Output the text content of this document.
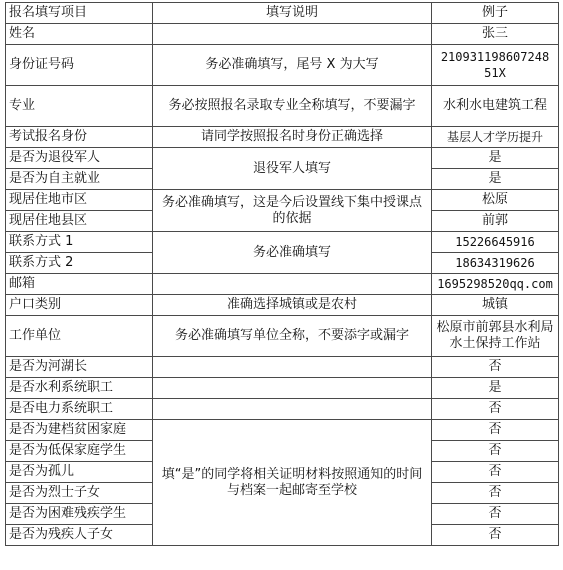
报名填写项目	填写说明	例子
姓名		张三
身份证号码	务必准确填写，尾号 X 为大写	210931198607248 51X
专业	务必按照报名录取专业全称填写，不要漏字	水利水电建筑工程
考试报名身份	请同学按照报名时身份正确选择	基层人才学历提升
是否为退役军人	退役军人填写	是
是否为自主就业		是
现居住地市区	务必准确填写，这是今后设置线下集中授课点的依据	松原
现居住地县区		前郭
联系方式 1	务必准确填写	15226645916
联系方式 2		18634319626
邮箱		1695298520qq.com
户口类别	准确选择城镇或是农村	城镇
工作单位	务必准确填写单位全称，不要添字或漏字	松原市前郭县水利局水土保持工作站
是否为河湖长		否
是否水利系统职工		是
是否电力系统职工		否
是否为建档贫困家庭	填“是”的同学将相关证明材料按照通知的时间与档案一起邮寄至学校	否
是否为低保家庭学生		否
是否为孤儿		否
是否为烈士子女		否
是否为困难残疾学生		否
是否为残疾人子女		否
